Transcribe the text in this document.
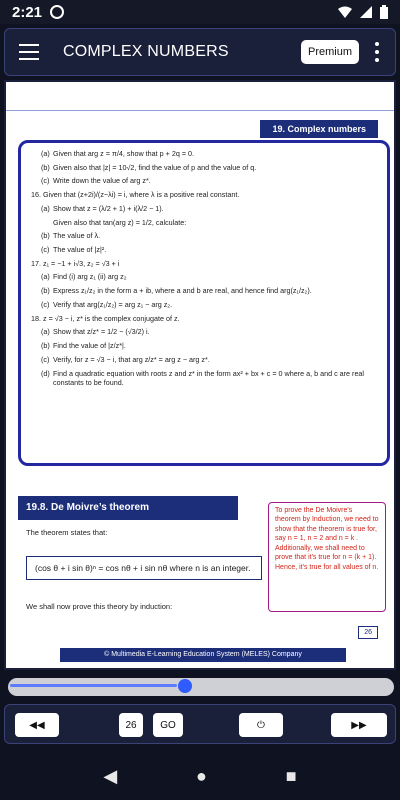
2:21
COMPLEX NUMBERS	Premium
19. Complex numbers
(a) Given that arg z = π/4, show that p + 2q = 0.
(b) Given also that |z| = 10√2, find the value of p and the value of q.
(c) Write down the value of arg z*.
16. Given that (z+2i)/(z−λi) = i, where λ is a positive real constant.
(a) Show that z = (λ/2 + 1) + i(λ/2 − 1).
Given also that tan(arg z) = 1/2, calculate:
(b) The value of λ.
(c) The value of |z|².
17. z₁ = −1 + i√3, z₂ = √3 + i
(a) Find (i) arg z₁ (ii) arg z₂
(b) Express z₁/z₂ in the form a + ib, where a and b are real, and hence find arg(z₁/z₂).
(c) Verify that arg(z₁/z₂) = arg z₁ − arg z₂.
18. z = √3 − i, z* is the complex conjugate of z.
(a) Show that z/z* = 1/2 − (√3/2) i.
(b) Find the value of |z/z*|.
(c) Verify, for z = √3 − i, that arg z/z* = arg z − arg z*.
(d) Find a quadratic equation with roots z and z* in the form ax² + bx + c = 0 where a, b and c are real constants to be found.
19.8. De Moivre’s theorem	To prove the De Moivre's theorem by Induction, we need to show that the theorem is true for, say n = 1, n = 2 and n = k . Additionally, we shall need to prove that it's true for n = (k + 1). Hence, it's true for all values of n.
The theorem states that:
(cos θ + i sin θ)ⁿ = cos nθ + i sin nθ where n is an integer.
We shall now prove this theory by induction:
26
© Multimedia E-Learning Education System (MELES) Company
◀◀	26	GO	⏻	▶▶
◀	●	■
